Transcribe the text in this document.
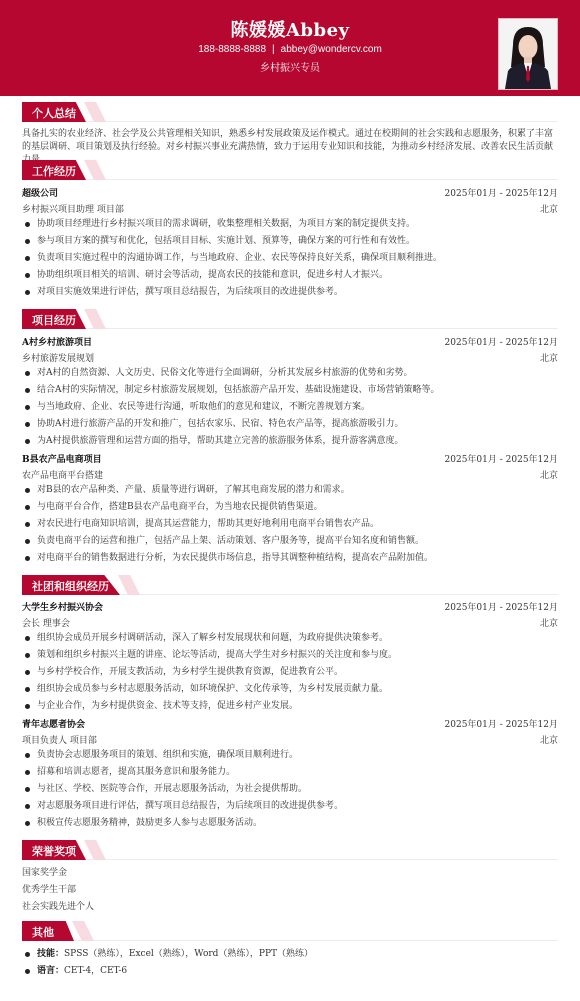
陈媛媛Abbey
188-8888-8888 | abbey@wondercv.com
乡村振兴专员
个人总结
具备扎实的农业经济、社会学及公共管理相关知识，熟悉乡村发展政策及运作模式。通过在校期间的社会实践和志愿服务，积累了丰富的基层调研、项目策划及执行经验。对乡村振兴事业充满热情，致力于运用专业知识和技能，为推动乡村经济发展、改善农民生活贡献
工作经历
超级公司	2025年01月 - 2025年12月
乡村振兴项目助理 项目部	北京
协助项目经理进行乡村振兴项目的需求调研，收集整理相关数据，为项目方案的制定提供支持。
参与项目方案的撰写和优化，包括项目目标、实施计划、预算等，确保方案的可行性和有效性。
负责项目实施过程中的沟通协调工作，与当地政府、企业、农民等保持良好关系，确保项目顺利推进。
协助组织项目相关的培训、研讨会等活动，提高农民的技能和意识，促进乡村人才振兴。
对项目实施效果进行评估，撰写项目总结报告，为后续项目的改进提供参考。
项目经历
A村乡村旅游项目	2025年01月 - 2025年12月
乡村旅游发展规划	北京
对A村的自然资源、人文历史、民俗文化等进行全面调研，分析其发展乡村旅游的优势和劣势。
结合A村的实际情况，制定乡村旅游发展规划，包括旅游产品开发、基础设施建设、市场营销策略等。
与当地政府、企业、农民等进行沟通，听取他们的意见和建议，不断完善规划方案。
协助A村进行旅游产品的开发和推广，包括农家乐、民宿、特色农产品等，提高旅游吸引力。
为A村提供旅游管理和运营方面的指导，帮助其建立完善的旅游服务体系，提升游客满意度。
B县农产品电商项目	2025年01月 - 2025年12月
农产品电商平台搭建	北京
对B县的农产品种类、产量、质量等进行调研，了解其电商发展的潜力和需求。
与电商平台合作，搭建B县农产品电商平台，为当地农民提供销售渠道。
对农民进行电商知识培训，提高其运营能力，帮助其更好地利用电商平台销售农产品。
负责电商平台的运营和推广，包括产品上架、活动策划、客户服务等，提高平台知名度和销售额。
对电商平台的销售数据进行分析，为农民提供市场信息，指导其调整种植结构，提高农产品附加值。
社团和组织经历
大学生乡村振兴协会	2025年01月 - 2025年12月
会长 理事会	北京
组织协会成员开展乡村调研活动，深入了解乡村发展现状和问题，为政府提供决策参考。
策划和组织乡村振兴主题的讲座、论坛等活动，提高大学生对乡村振兴的关注度和参与度。
与乡村学校合作，开展支教活动，为乡村学生提供教育资源，促进教育公平。
组织协会成员参与乡村志愿服务活动，如环境保护、文化传承等，为乡村发展贡献力量。
与企业合作，为乡村提供资金、技术等支持，促进乡村产业发展。
青年志愿者协会	2025年01月 - 2025年12月
项目负责人 项目部	北京
负责协会志愿服务项目的策划、组织和实施，确保项目顺利进行。
招募和培训志愿者，提高其服务意识和服务能力。
与社区、学校、医院等合作，开展志愿服务活动，为社会提供帮助。
对志愿服务项目进行评估，撰写项目总结报告，为后续项目的改进提供参考。
积极宣传志愿服务精神，鼓励更多人参与志愿服务活动。
荣誉奖项
国家奖学金
优秀学生干部
社会实践先进个人
其他
技能：SPSS（熟练），Excel（熟练），Word（熟练），PPT（熟练）
语言：CET-4，CET-6
